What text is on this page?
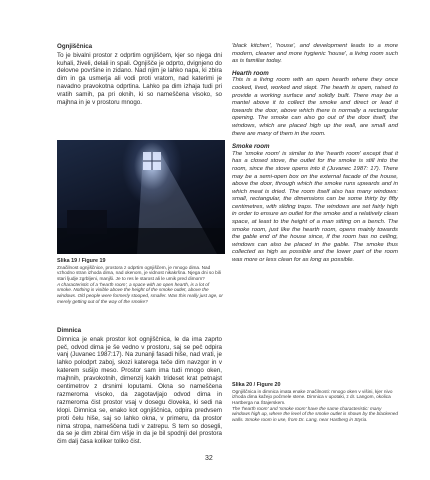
Ognjiščnica

To je bivalni prostor z odprtim ognjiščem, kjer so njega dni kuhali, živeli, delali in spali. Ognjišče je odprto, dvignjeno do delovne površine in zidano. Nad njim je lahko napa, ki zbira dim in ga usmerja ali vodi proti vratom, nad katerimi je navadno pravokotna odprtina. Lahko pa dim izhaja tudi pri vratih samih, pa pri oknih, ki so nameščena visoko, so majhna in je v prostoru mnogo.

Slika 19 / Figure 19

Značilnost ognjiščnice, prostora z odprtim ognjiščem, je mnogo dima. Nad vzhodno stran izhoda dima, nad okenom, je vidnost nikakršna. Njega dni so bili stari ljudje zgrbljeni, manjši. Je to res le starost ali le umik pred dimom?

A characteristic of a 'hearth room', a space with an open hearth, is a lot of smoke. Nothing is visible above the height of the smoke outlet, above the windows. Old people were formerly stooped, smaller. Was this really just age, or merely getting out of the way of the smoke?

Dimnica

Dimnica je enak prostor kot ognjiščnica, le da ima zaprto peč, odvod dima je še vedno v prostoru, saj se peč odpira vanj (Juvanec 1987:17). Na zunanji fasadi hiše, nad vrati, je lahko polodprt zaboj, skozi katerega teče dim navzgor in v katerem sušijo meso. Prostor sam ima tudi mnogo oken, majhnih, pravokotnih, dimenzij kakih trideset krat petnajst centimetrov z drsnimi loputami. Okna so nameščena razmeroma visoko, da zagotavljajo odvod dima in razmeroma čist prostor vsaj v dosegu človeka, ki sedi na klopi. Dimnica se, enako kot ognjiščnica, odpira predvsem proti čelu hiše, saj so lahko okna, v primeru, da prostor nima stropa, nameščena tudi v zatrepu. S tem so dosegli, da se je dim zbiral čim višje in da je bil spodnji del prostora čim dalj časa koliker toliko čist.

'black kitchen', 'house', and development leads to a more modern, cleaner and more hygienic 'house', a living room such as is familiar today.

Hearth room

This is a living room with an open hearth where they once cooked, lived, worked and slept. The hearth is open, raised to provide a working surface and solidly built. There may be a mantel above it to collect the smoke and direct or lead it towards the door, above which there is normally a rectangular opening. The smoke can also go out of the door itself, the windows, which are placed high up the wall, are small and there are many of them in the room.

Smoke room

The 'smoke room' is similar to the 'hearth room' except that it has a closed stove, the outlet for the smoke is still into the room, since the stove opens into it (Juvanec 1987: 17). There may be a semi-open box on the external facade of the house, above the door, through which the smoke runs upwards and in which meat is dried. The room itself also has many windows: small, rectangular, the dimensions can be some thirty by fifty centimetres, with sliding traps. The windows are set fairly high in order to ensure an outlet for the smoke and a relatively clean space, at least to the height of a man sitting on a bench. The smoke room, just like the hearth room, opens mainly towards the gable end of the house since, if the room has no ceiling, windows can also be placed in the gable. The smoke thus collected as high as possible and the lower part of the room was more or less clean for as long as possible.

Slika 20 / Figure 20

Ognjiščnica in dimnica imata enake značilnosti: mnogo oken v višini, kjer nivo izhoda dima kažejo počrnele stene. Dimnica v upotaki, z dr. Langom, okolica Hartberga na Štajerskem.

The 'hearth room' and 'smoke room' have the same characteristic: many windows high up, where the level of the smoke outlet is shown by the blackened walls. Smoke room in use, from Dr. Lang, near Hartberg in Styria.

32
